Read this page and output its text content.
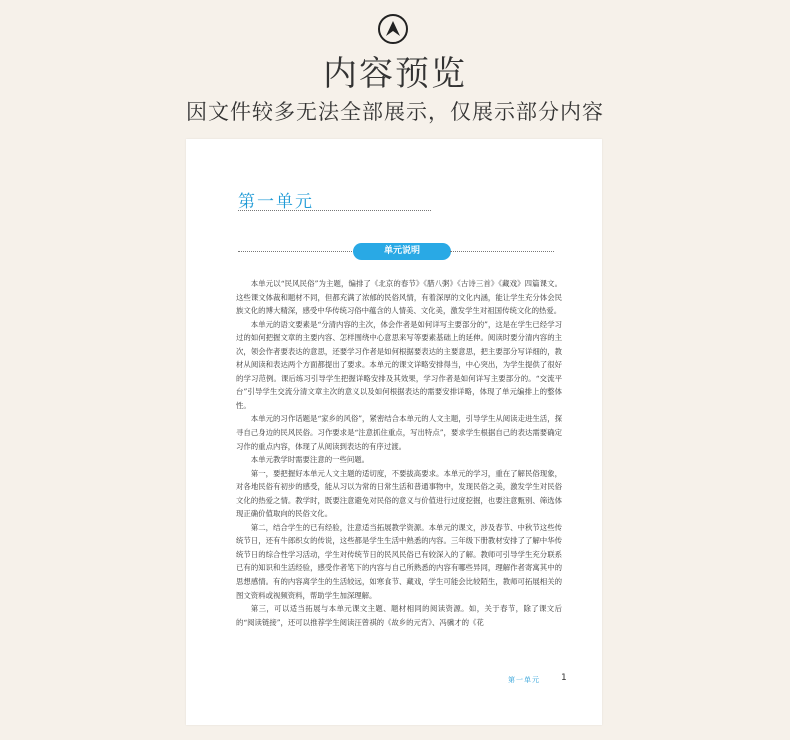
内容预览
因文件较多无法全部展示，仅展示部分内容
第一单元
单元说明

本单元以“民风民俗”为主题，编排了《北京的春节》《腊八粥》《古诗三首》《藏戏》四篇课文。这些课文体裁和题材不同，但都充满了浓郁的民俗风情，有着深厚的文化内涵，能让学生充分体会民族文化的博大精深，感受中华传统习俗中蕴含的人情美、文化美，激发学生对祖国传统文化的热爱。

本单元的语文要素是“分清内容的主次，体会作者是如何详写主要部分的”，这是在学生已经学习过的如何把握文章的主要内容、怎样围绕中心意思来写等要素基础上的延伸。阅读时要分清内容的主次，领会作者要表达的意思，还要学习作者是如何根据要表达的主要意思，把主要部分写详细的，教材从阅读和表达两个方面都提出了要求。本单元的课文详略安排得当，中心突出，为学生提供了很好的学习范例。课后练习引导学生把握详略安排及其效果，学习作者是如何详写主要部分的。“交流平台”引导学生交流分清文章主次的意义以及如何根据表达的需要安排详略，体现了单元编排上的整体性。

本单元的习作话题是“家乡的风俗”，紧密结合本单元的人文主题，引导学生从阅读走进生活，探寻自己身边的民风民俗。习作要求是“注意抓住重点，写出特点”，要求学生根据自己的表达需要确定习作的重点内容，体现了从阅读到表达的有序过渡。

本单元教学时需要注意的一些问题。

第一，要把握好本单元人文主题的适切度，不要拔高要求。本单元的学习，重在了解民俗现象，对各地民俗有初步的感受，能从习以为常的日常生活和普通事物中，发现民俗之美，激发学生对民俗文化的热爱之情。教学时，既要注意避免对民俗的意义与价值进行过度挖掘，也要注意甄别、筛选体现正确价值取向的民俗文化。

第二，结合学生的已有经验，注意适当拓展教学资源。本单元的课文，涉及春节、中秋节这些传统节日，还有牛郎织女的传说，这些都是学生生活中熟悉的内容。三年级下册教材安排了了解中华传统节日的综合性学习活动，学生对传统节日的民风民俗已有较深入的了解。教师可引导学生充分联系已有的知识和生活经验，感受作者笔下的内容与自己所熟悉的内容有哪些异同，理解作者寄寓其中的思想感情。有的内容离学生的生活较远，如寒食节、藏戏，学生可能会比较陌生，教师可拓展相关的图文资料或视频资料，帮助学生加深理解。

第三，可以适当拓展与本单元课文主题、题材相同的阅读资源。如，关于春节，除了课文后的“阅读链接”，还可以推荐学生阅读汪曾祺的《故乡的元宵》、冯骥才的《花

第一单元 1
